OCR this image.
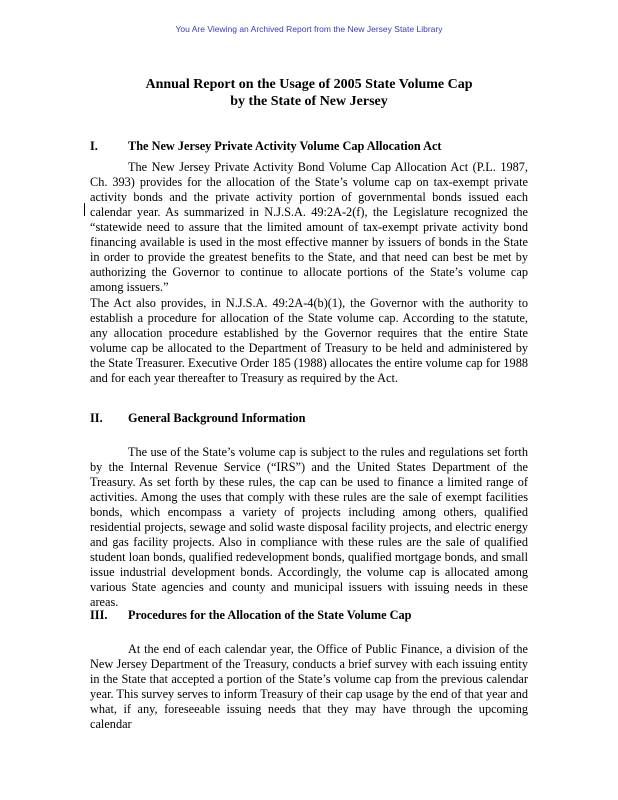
You Are Viewing an Archived Report from the New Jersey State Library
Annual Report on the Usage of 2005 State Volume Cap
by the State of New Jersey
I. The New Jersey Private Activity Volume Cap Allocation Act
The New Jersey Private Activity Bond Volume Cap Allocation Act (P.L. 1987, Ch. 393) provides for the allocation of the State’s volume cap on tax-exempt private activity bonds and the private activity portion of governmental bonds issued each calendar year. As summarized in N.J.S.A. 49:2A-2(f), the Legislature recognized the “statewide need to assure that the limited amount of tax-exempt private activity bond financing available is used in the most effective manner by issuers of bonds in the State in order to provide the greatest benefits to the State, and that need can best be met by authorizing the Governor to continue to allocate portions of the State’s volume cap among issuers.”
The Act also provides, in N.J.S.A. 49:2A-4(b)(1), the Governor with the authority to establish a procedure for allocation of the State volume cap. According to the statute, any allocation procedure established by the Governor requires that the entire State volume cap be allocated to the Department of Treasury to be held and administered by the State Treasurer. Executive Order 185 (1988) allocates the entire volume cap for 1988 and for each year thereafter to Treasury as required by the Act.
II. General Background Information
The use of the State’s volume cap is subject to the rules and regulations set forth by the Internal Revenue Service (“IRS”) and the United States Department of the Treasury. As set forth by these rules, the cap can be used to finance a limited range of activities. Among the uses that comply with these rules are the sale of exempt facilities bonds, which encompass a variety of projects including among others, qualified residential projects, sewage and solid waste disposal facility projects, and electric energy and gas facility projects. Also in compliance with these rules are the sale of qualified student loan bonds, qualified redevelopment bonds, qualified mortgage bonds, and small issue industrial development bonds. Accordingly, the volume cap is allocated among various State agencies and county and municipal issuers with issuing needs in these areas.
III. Procedures for the Allocation of the State Volume Cap
At the end of each calendar year, the Office of Public Finance, a division of the New Jersey Department of the Treasury, conducts a brief survey with each issuing entity in the State that accepted a portion of the State’s volume cap from the previous calendar year. This survey serves to inform Treasury of their cap usage by the end of that year and what, if any, foreseeable issuing needs that they may have through the upcoming calendar
